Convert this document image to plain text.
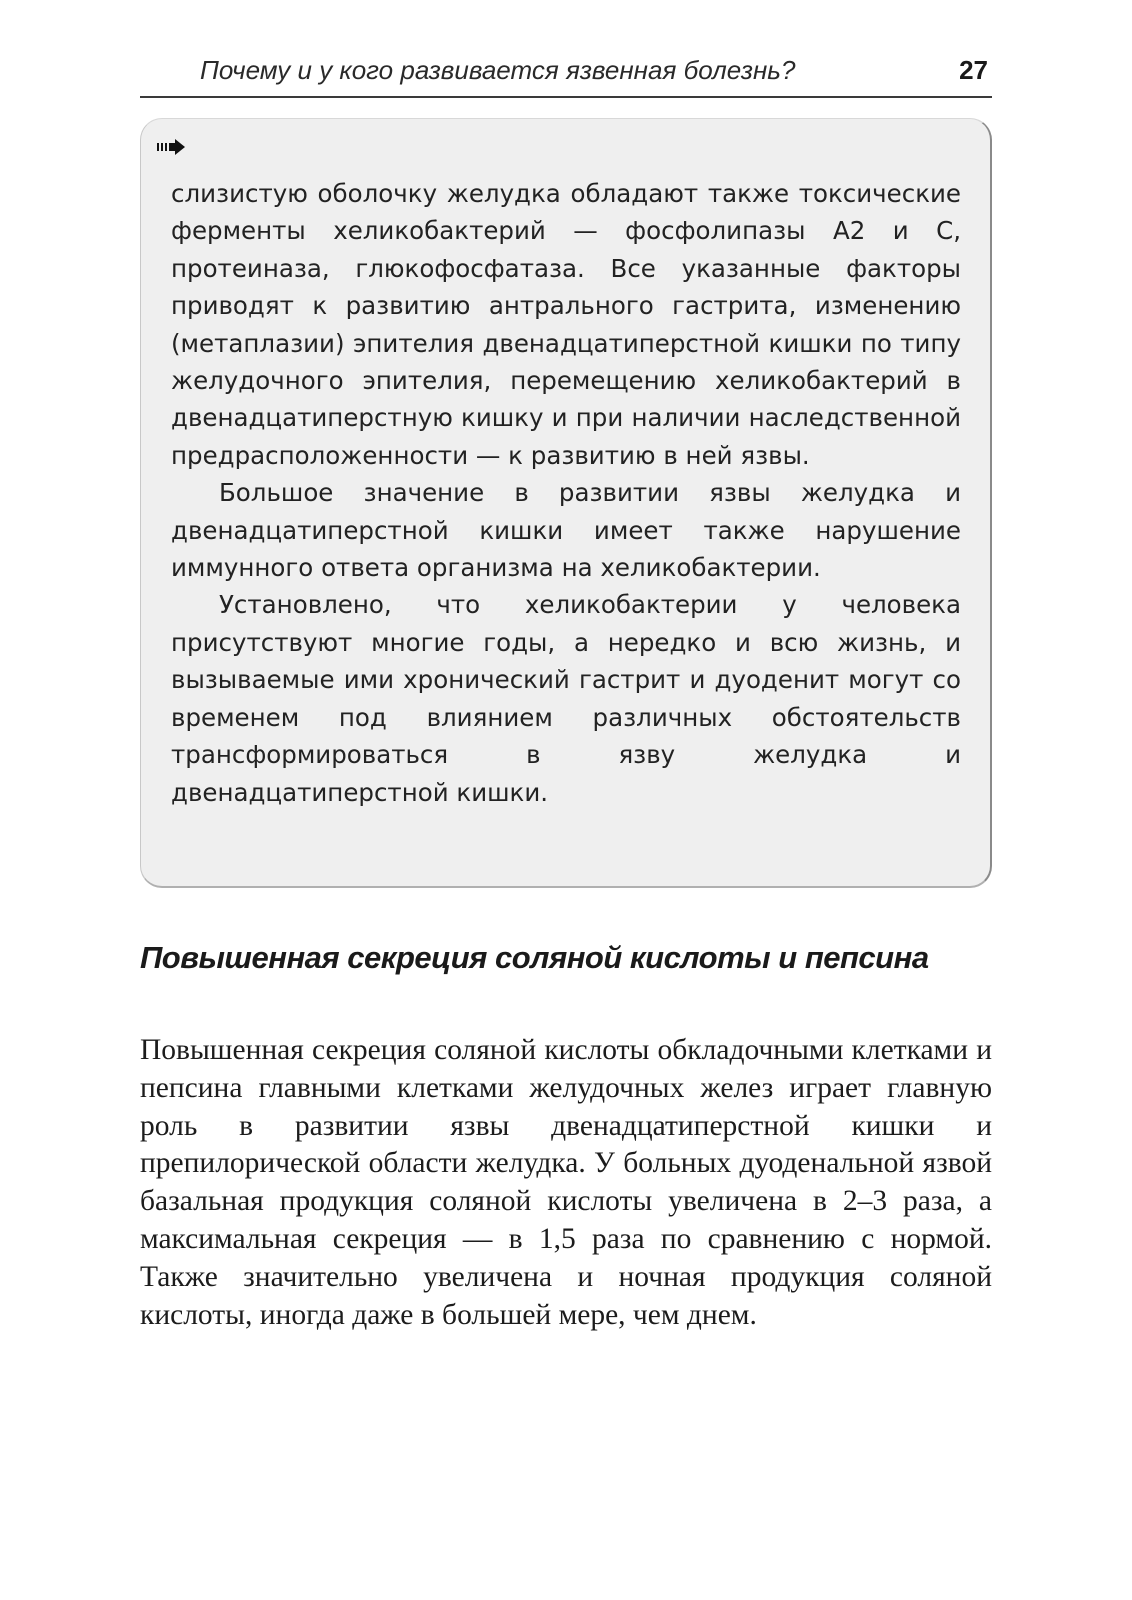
Почему и у кого развивается язвенная болезнь?	27

слизистую оболочку желудка обладают также токсические ферменты хеликобактерий — фосфолипазы А2 и С, протеиназа, глюкофосфатаза. Все указанные факторы приводят к развитию антрального гастрита, изменению (метаплазии) эпителия двенадцатиперстной кишки по типу желудочного эпителия, перемещению хеликобактерий в двенадцатиперстную кишку и при наличии наследственной предрасположенности — к развитию в ней язвы.

Большое значение в развитии язвы желудка и двенадцатиперстной кишки имеет также нарушение иммунного ответа организма на хеликобактерии.

Установлено, что хеликобактерии у человека присутствуют многие годы, а нередко и всю жизнь, и вызываемые ими хронический гастрит и дуоденит могут со временем под влиянием различных обстоятельств трансформироваться в язву желудка и двенадцатиперстной кишки.

Повышенная секреция соляной кислоты и пепсина

Повышенная секреция соляной кислоты обкладочными клетками и пепсина главными клетками желудочных желез играет главную роль в развитии язвы двенадцатиперстной кишки и препилорической области желудка. У больных дуоденальной язвой базальная продукция соляной кислоты увеличена в 2–3 раза, а максимальная секреция — в 1,5 раза по сравнению с нормой. Также значительно увеличена и ночная продукция соляной кислоты, иногда даже в большей мере, чем днем.
